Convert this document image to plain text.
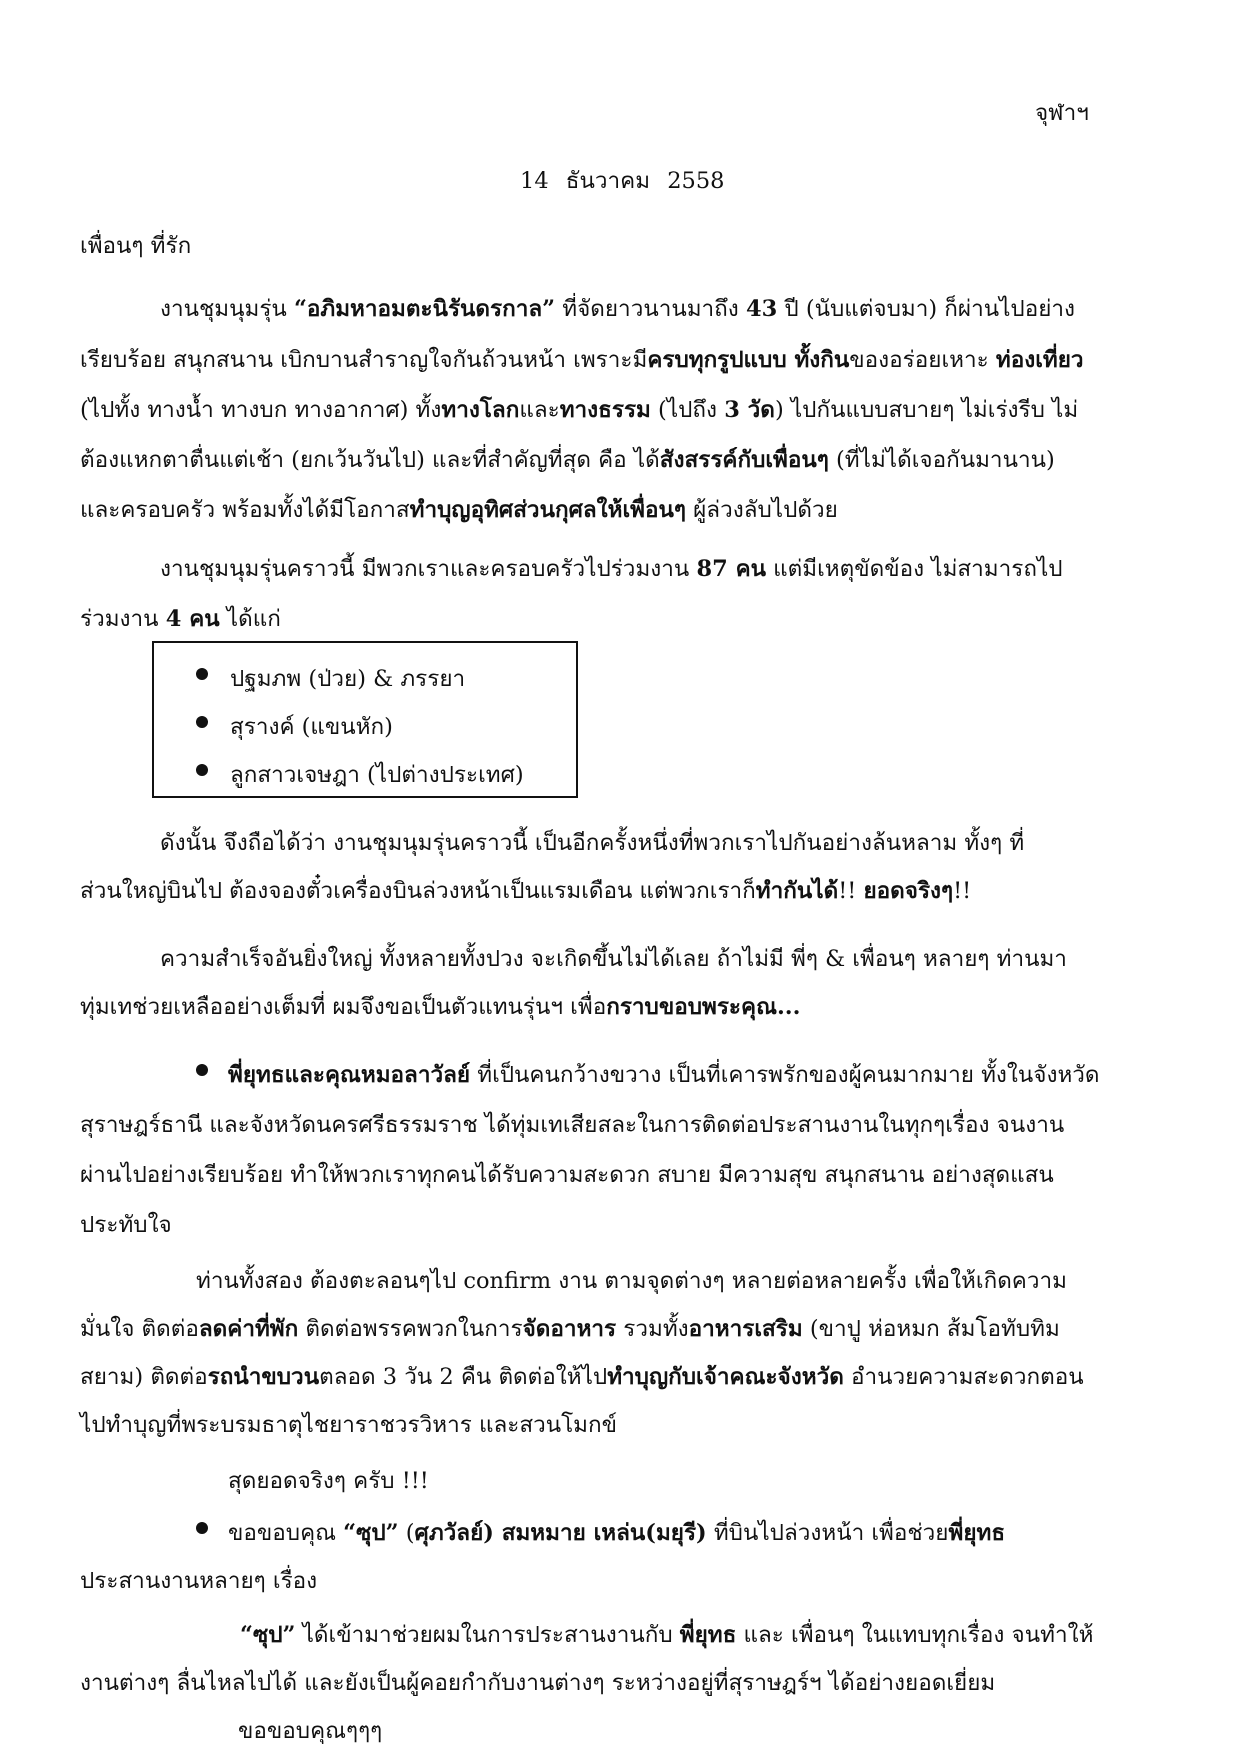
จุฬาฯ
14 ธันวาคม 2558
เพื่อนๆ ที่รัก
งานชุมนุมรุ่น “อภิมหาอมตะนิรันดรกาล” ที่จัดยาวนานมาถึง 43 ปี (นับแต่จบมา) ก็ผ่านไปอย่าง
เรียบร้อย สนุกสนาน เบิกบานสำราญใจกันถ้วนหน้า เพราะมีครบทุกรูปแบบ ทั้งกินของอร่อยเหาะ ท่องเที่ยว
(ไปทั้ง ทางน้ำ ทางบก ทางอากาศ) ทั้งทางโลกและทางธรรม (ไปถึง 3 วัด) ไปกันแบบสบายๆ ไม่เร่งรีบ ไม่
ต้องแหกตาตื่นแต่เช้า (ยกเว้นวันไป) และที่สำคัญที่สุด คือ ได้สังสรรค์กับเพื่อนๆ (ที่ไม่ได้เจอกันมานาน)
และครอบครัว พร้อมทั้งได้มีโอกาสทำบุญอุทิศส่วนกุศลให้เพื่อนๆ ผู้ล่วงลับไปด้วย
งานชุมนุมรุ่นคราวนี้ มีพวกเราและครอบครัวไปร่วมงาน 87 คน แต่มีเหตุขัดข้อง ไม่สามารถไป
ร่วมงาน 4 คน ได้แก่
ปฐมภพ (ป่วย) & ภรรยา
สุรางค์ (แขนหัก)
ลูกสาวเจษฎา (ไปต่างประเทศ)
ดังนั้น จึงถือได้ว่า งานชุมนุมรุ่นคราวนี้ เป็นอีกครั้งหนึ่งที่พวกเราไปกันอย่างล้นหลาม ทั้งๆ ที่
ส่วนใหญ่บินไป ต้องจองตั๋วเครื่องบินล่วงหน้าเป็นแรมเดือน แต่พวกเราก็ทำกันได้!! ยอดจริงๆ!!
ความสำเร็จอันยิ่งใหญ่ ทั้งหลายทั้งปวง จะเกิดขึ้นไม่ได้เลย ถ้าไม่มี พี่ๆ & เพื่อนๆ หลายๆ ท่านมา
ทุ่มเทช่วยเหลืออย่างเต็มที่ ผมจึงขอเป็นตัวแทนรุ่นฯ เพื่อกราบขอบพระคุณ...
พี่ยุทธและคุณหมอลาวัลย์ ที่เป็นคนกว้างขวาง เป็นที่เคารพรักของผู้คนมากมาย ทั้งในจังหวัด
สุราษฎร์ธานี และจังหวัดนครศรีธรรมราช ได้ทุ่มเทเสียสละในการติดต่อประสานงานในทุกๆเรื่อง จนงาน
ผ่านไปอย่างเรียบร้อย ทำให้พวกเราทุกคนได้รับความสะดวก สบาย มีความสุข สนุกสนาน อย่างสุดแสน
ประทับใจ
ท่านทั้งสอง ต้องตะลอนๆไป confirm งาน ตามจุดต่างๆ หลายต่อหลายครั้ง เพื่อให้เกิดความ
มั่นใจ ติดต่อลดค่าที่พัก ติดต่อพรรคพวกในการจัดอาหาร รวมทั้งอาหารเสริม (ขาปู ห่อหมก ส้มโอทับทิม
สยาม) ติดต่อรถนำขบวนตลอด 3 วัน 2 คืน ติดต่อให้ไปทำบุญกับเจ้าคณะจังหวัด อำนวยความสะดวกตอน
ไปทำบุญที่พระบรมธาตุไชยาราชวรวิหาร และสวนโมกข์
สุดยอดจริงๆ ครับ !!!
ขอขอบคุณ “ซุป” (ศุภวัลย์) สมหมาย เหล่น(มยุรี) ที่บินไปล่วงหน้า เพื่อช่วยพี่ยุทธ
ประสานงานหลายๆ เรื่อง
“ซุป” ได้เข้ามาช่วยผมในการประสานงานกับ พี่ยุทธ และ เพื่อนๆ ในแทบทุกเรื่อง จนทำให้
งานต่างๆ ลื่นไหลไปได้ และยังเป็นผู้คอยกำกับงานต่างๆ ระหว่างอยู่ที่สุราษฎร์ฯ ได้อย่างยอดเยี่ยม
ขอขอบคุณๆๆๆ
